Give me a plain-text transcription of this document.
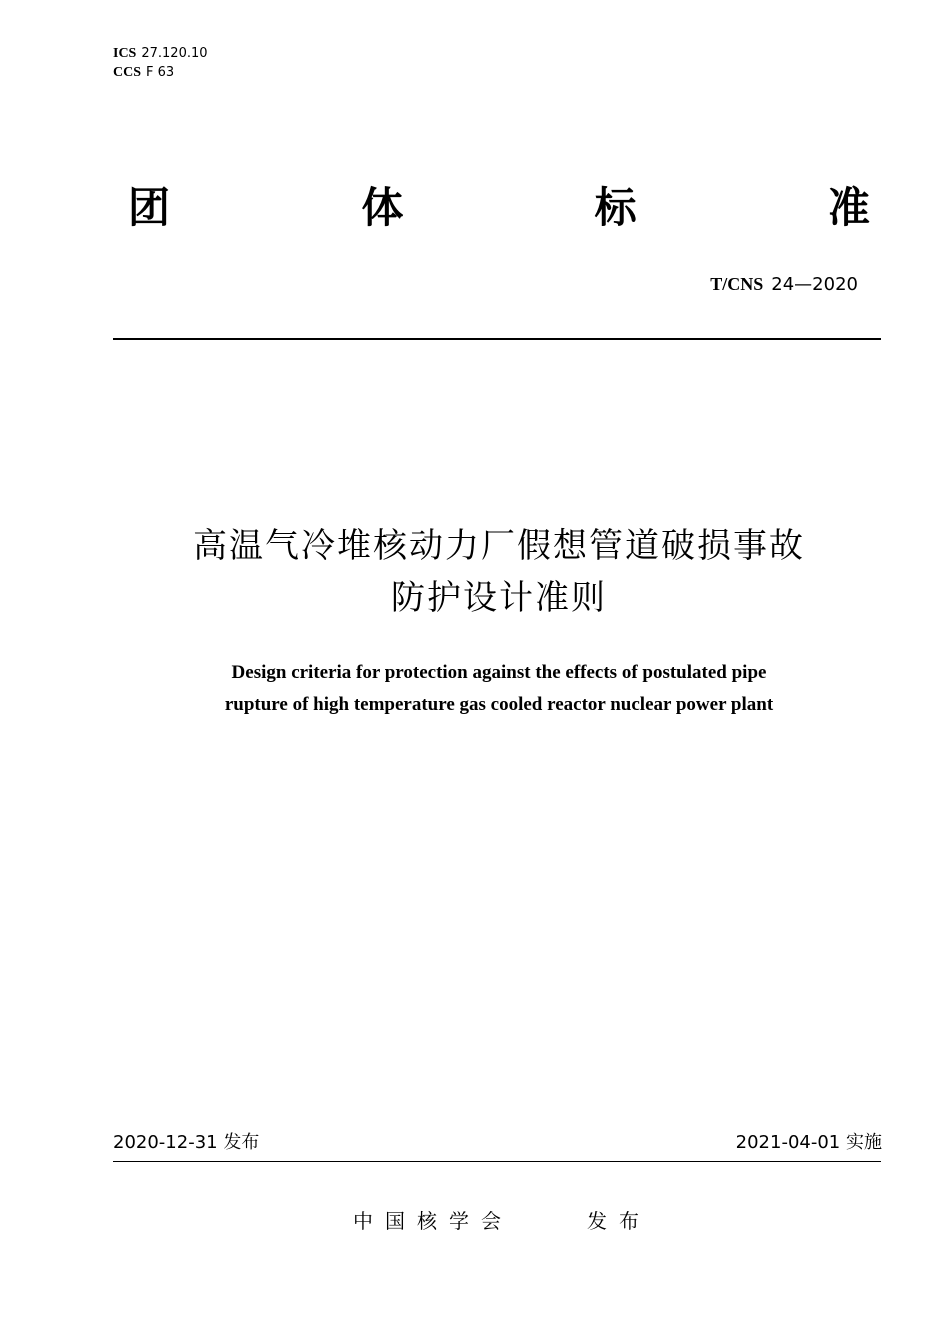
ICS 27.120.10
CCS F 63
团	体	标	准
T/CNS 24—2020
高温气冷堆核动力厂假想管道破损事故
防护设计准则
Design criteria for protection against the effects of postulated pipe
rupture of high temperature gas cooled reactor nuclear power plant
2020-12-31 发布	2021-04-01 实施
中国核学会	发布
